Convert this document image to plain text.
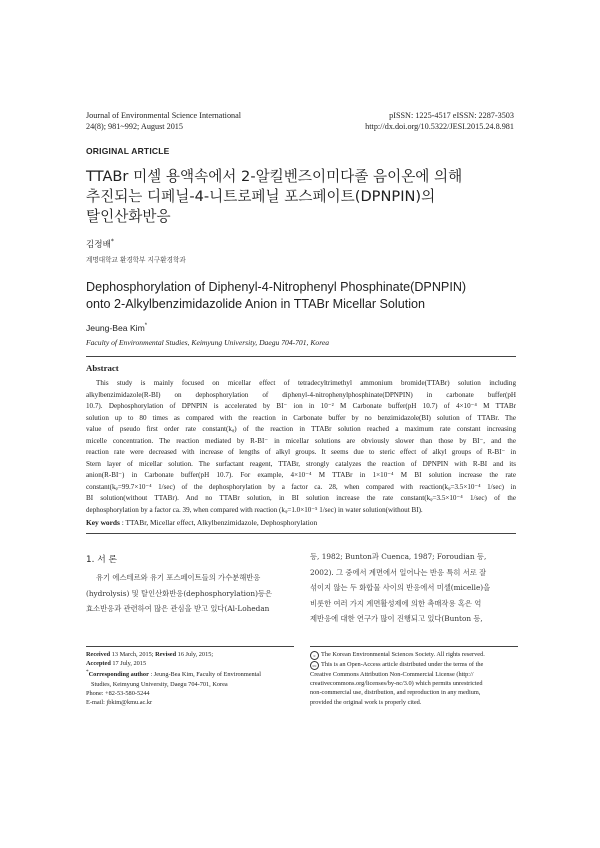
Journal of Environmental Science International
24(8); 981~992; August 2015
pISSN: 1225-4517 eISSN: 2287-3503
http://dx.doi.org/10.5322/JESI.2015.24.8.981
ORIGINAL ARTICLE
TTABr 미셀 용액속에서 2-알킬벤즈이미다졸 음이온에 의해
추진되는 디페닐-4-니트로페닐 포스페이트(DPNPIN)의
탈인산화반응
김정배*
계명대학교 환경학부 지구환경학과
Dephosphorylation of Diphenyl-4-Nitrophenyl Phosphinate(DPNPIN)
onto 2-Alkylbenzimidazolide Anion in TTABr Micellar Solution
Jeung-Bea Kim*
Faculty of Environmental Studies, Keimyung University, Daegu 704-701, Korea
Abstract
This study is mainly focused on micellar effect of tetradecyltrimethyl ammonium bromide(TTABr) solution including
alkylbenzimidazole(R-BI) on dephosphorylation of diphenyl-4-nitrophenylphosphinate(DPNPIN) in carbonate buffer(pH
10.7). Dephosphorylation of DPNPIN is accelerated by BI⁻ ion in 10⁻² M Carbonate buffer(pH 10.7) of 4×10⁻⁴ M TTABr
solution up to 80 times as compared with the reaction in Carbonate buffer by no benzimidazole(BI) solution of TTABr. The
value of pseudo first order rate constant(kᵩ) of the reaction in TTABr solution reached a maximum rate constant increasing
micelle concentration. The reaction mediated by R-BI⁻ in micellar solutions are obviously slower than those by BI⁻, and the
reaction rate were decreased with increase of lengths of alkyl groups. It seems due to steric effect of alkyl groups of R-BI⁻ in
Stern layer of micellar solution. The surfactant reagent, TTABr, strongly catalyzes the reaction of DPNPIN with R-BI and its
anion(R-BI⁻) in Carbonate buffer(pH 10.7). For example, 4×10⁻⁴ M TTABr in 1×10⁻⁴ M BI solution increase the rate
constant(kᵩ=99.7×10⁻⁴ 1/sec) of the dephosphorylation by a factor ca. 28, when compared with reaction(kᵩ=3.5×10⁻⁴ 1/sec) in
BI solution(without TTABr). And no TTABr solution, in BI solution increase the rate constant(kᵩ=3.5×10⁻⁴ 1/sec) of the
dephosphorylation by a factor ca. 39, when compared with reaction (kᵩ=1.0×10⁻⁵ 1/sec) in water solution(without BI).
Key words : TTABr, Micellar effect, Alkylbenzimidazole, Dephosphorylation
1. 서 론
유기 에스테르와 유기 포스페이트들의 가수분해반응
(hydrolysis) 및 탈인산화반응(dephosphorylation)등은
효소반응과 관련하여 많은 관심을 받고 있다(Al-Lohedan
등, 1982; Bunton과 Cuenca, 1987; Foroudian 등,
2002). 그 중에서 계면에서 일어나는 반응 특히 서로 잘
섞이지 않는 두 화합물 사이의 반응에서 미셀(micelle)을
비롯한 여러 가지 계면활성제에 의한 촉매작용 혹은 억
제반응에 대한 연구가 많이 진행되고 있다(Bunton 등,
Received 13 March, 2015; Revised 16 July, 2015;
Accepted 17 July, 2015
*Corresponding author : Jeung-Bea Kim, Faculty of Environmental
Studies, Keimyung University, Daegu 704-701, Korea
Phone: +82-53-580-5244
E-mail: jbkim@kmu.ac.kr
c The Korean Environmental Sciences Society. All rights reserved.
cc This is an Open-Access article distributed under the terms of the
Creative Commons Attribution Non-Commercial License (http://
creativecommons.org/licenses/by-nc/3.0) which permits unrestricted
non-commercial use, distribution, and reproduction in any medium,
provided the original work is properly cited.
